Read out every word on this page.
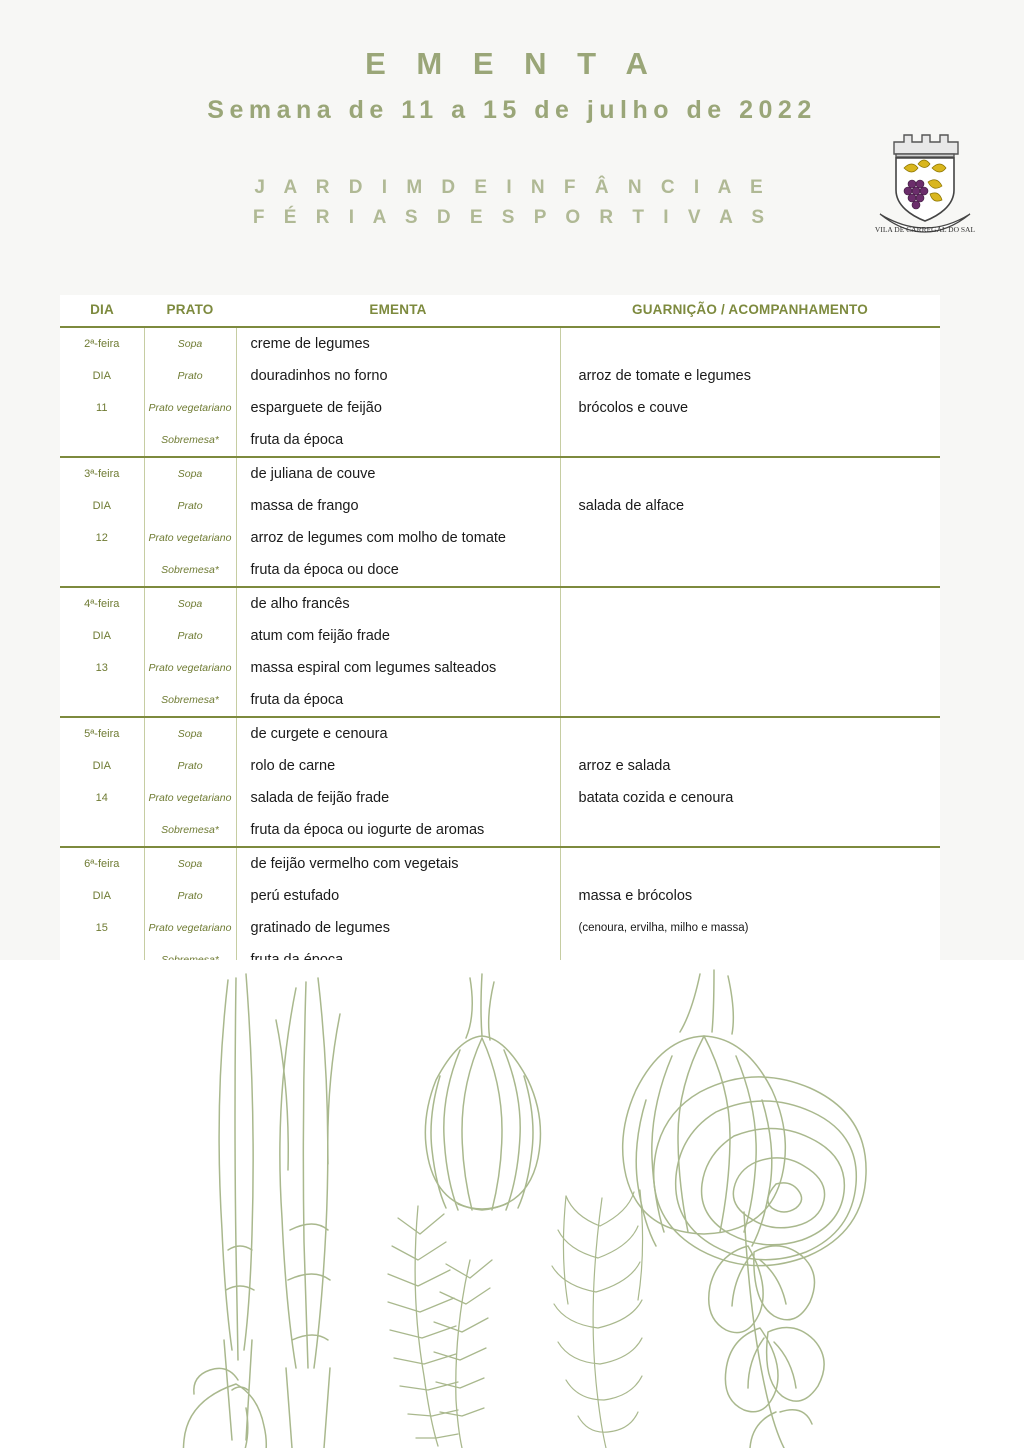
E M E N T A
Semana de 11 a 15 de julho de 2022
J A R D I M D E I N F Â N C I A E
F É R I A S D E S P O R T I V A S
VILA DE CARREGAL DO SAL
DIA	PRATO	EMENTA	GUARNIÇÃO / ACOMPANHAMENTO
2ª-feira	Sopa	creme de legumes	
DIA	Prato	douradinhos no forno	arroz de tomate e legumes
11	Prato vegetariano	esparguete de feijão	brócolos e couve
	Sobremesa*	fruta da época	
3ª-feira	Sopa	de juliana de couve	
DIA	Prato	massa de frango	salada de alface
12	Prato vegetariano	arroz de legumes com molho de tomate	
	Sobremesa*	fruta da época ou doce	
4ª-feira	Sopa	de alho francês	
DIA	Prato	atum com feijão frade	
13	Prato vegetariano	massa espiral com legumes salteados	
	Sobremesa*	fruta da época	
5ª-feira	Sopa	de curgete e cenoura	
DIA	Prato	rolo de carne	arroz e salada
14	Prato vegetariano	salada de feijão frade	batata cozida e cenoura
	Sobremesa*	fruta da época ou iogurte de aromas	
6ª-feira	Sopa	de feijão vermelho com vegetais	
DIA	Prato	perú estufado	massa e brócolos
15	Prato vegetariano	gratinado de legumes	(cenoura, ervilha, milho e massa)
